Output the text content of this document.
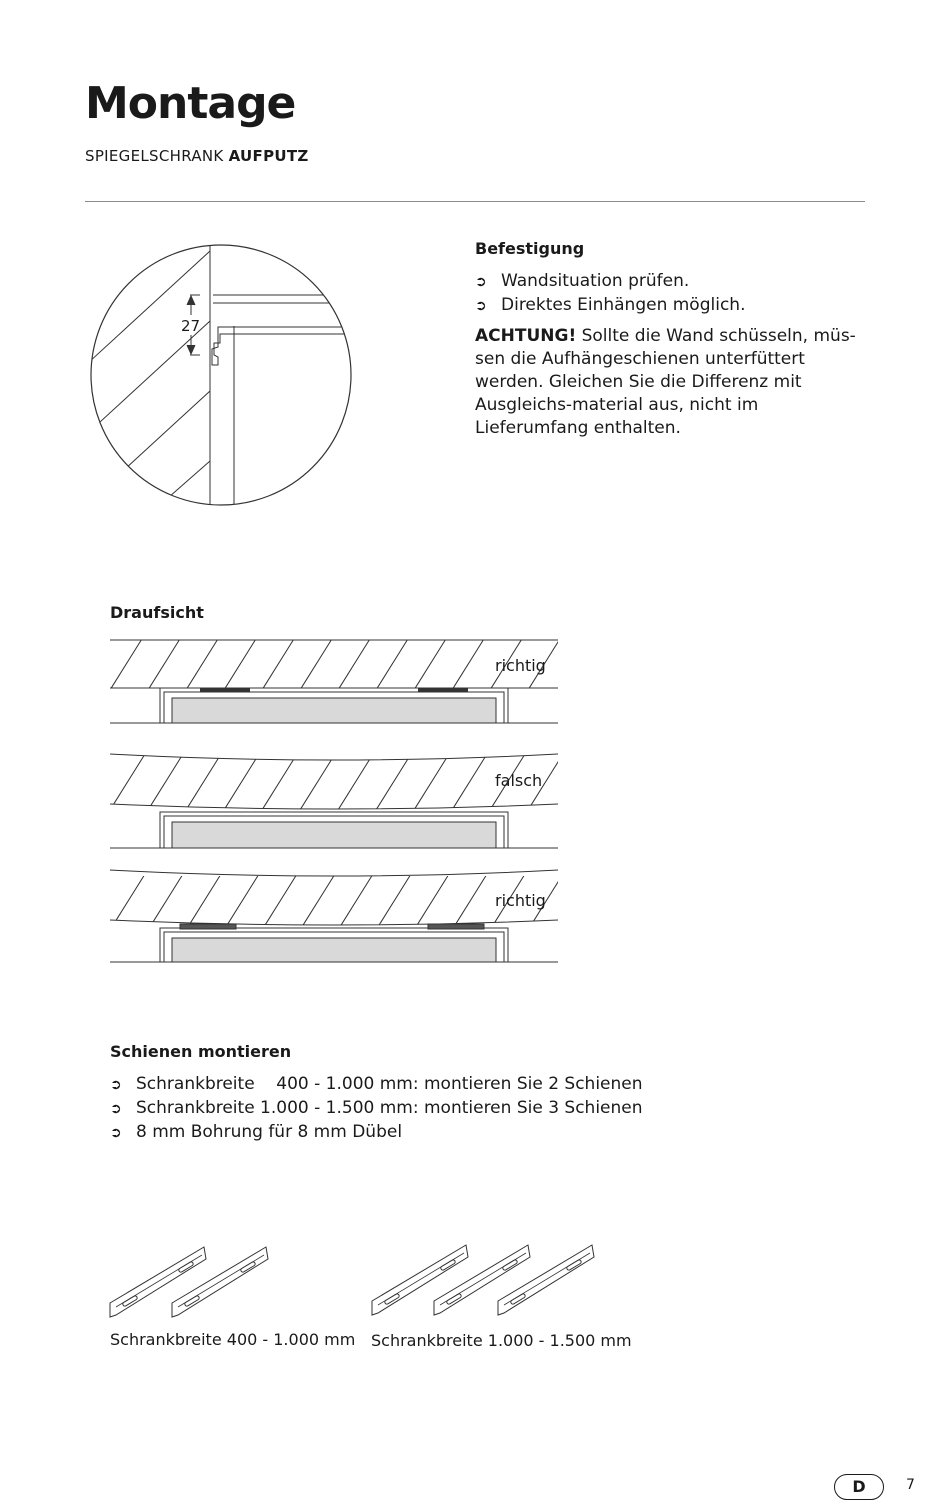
Montage
SPIEGELSCHRANK AUFPUTZ
27
Befestigung
➲ Wandsituation prüfen.
➲ Direktes Einhängen möglich.
ACHTUNG! Sollte die Wand schüsseln, müs-sen die Aufhängeschienen unterfüttert werden. Gleichen Sie die Differenz mit Ausgleichs-material aus, nicht im Lieferumfang enthalten.
Draufsicht
richtig
falsch
richtig
Schienen montieren
➲ Schrankbreite    400 - 1.000 mm: montieren Sie 2 Schienen
➲ Schrankbreite 1.000 - 1.500 mm: montieren Sie 3 Schienen
➲ 8 mm Bohrung für 8 mm Dübel
Schrankbreite 400 - 1.000 mm Schrankbreite 1.000 - 1.500 mm
D	7
